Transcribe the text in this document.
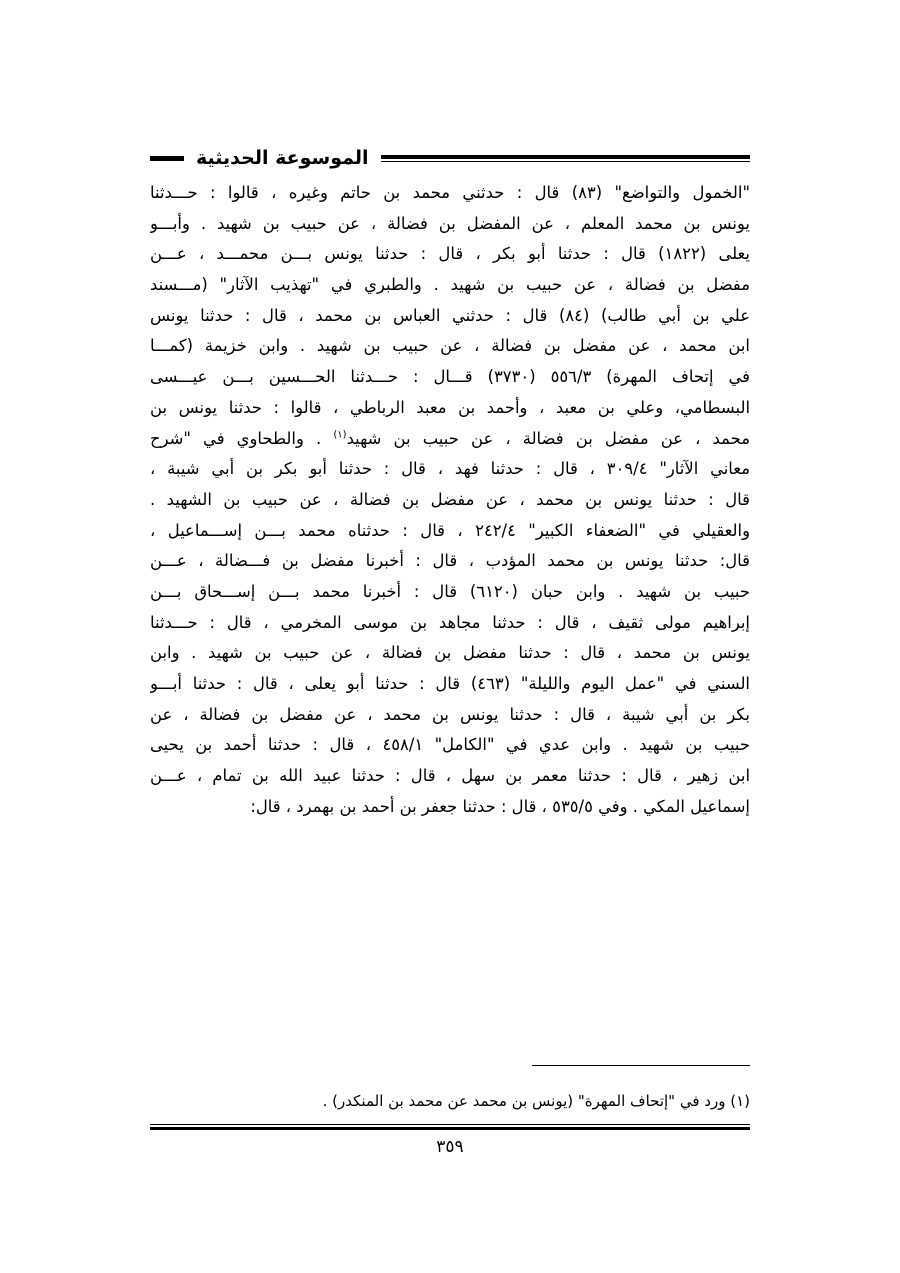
الموسوعة الحديثية
"الخمول والتواضع" (٨٣) قال : حدثني محمد بن حاتم وغيره ، قالوا : حـــدثنا
يونس بن محمد المعلم ، عن المفضل بن فضالة ، عن حبيب بن شهيد . وأبـــو
يعلى (١٨٢٢) قال : حدثنا أبو بكر ، قال : حدثنا يونس بـــن محمـــد ، عـــن
مفضل بن فضالة ، عن حبيب بن شهيد . والطبري في "تهذيب الآثار" (مـــسند
علي بن أبي طالب) (٨٤) قال : حدثني العباس بن محمد ، قال : حدثنا يونس
ابن محمد ، عن مفضل بن فضالة ، عن حبيب بن شهيد . وابن خزيمة (كمـــا
في إتحاف المهرة) ٥٥٦/٣ (٣٧٣٠) قـــال : حـــدثنا الحـــسين بـــن عيـــسى
البسطامي، وعلي بن معبد ، وأحمد بن معبد الرباطي ، قالوا : حدثنا يونس بن
محمد ، عن مفضل بن فضالة ، عن حبيب بن شهيد$^{(١)}$ . والطحاوي في "شرح
معاني الآثار" ٣٠٩/٤ ، قال : حدثنا فهد ، قال : حدثنا أبو بكر بن أبي شيبة ،
قال : حدثنا يونس بن محمد ، عن مفضل بن فضالة ، عن حبيب بن الشهيد .
والعقيلي في "الضعفاء الكبير" ٢٤٢/٤ ، قال : حدثناه محمد بـــن إســـماعيل ،
قال: حدثنا يونس بن محمد المؤدب ، قال : أخبرنا مفضل بن فـــضالة ، عـــن
حبيب بن شهيد . وابن حبان (٦١٢٠) قال : أخبرنا محمد بـــن إســـحاق بـــن
إبراهيم مولى ثقيف ، قال : حدثنا مجاهد بن موسى المخرمي ، قال : حـــدثنا
يونس بن محمد ، قال : حدثنا مفضل بن فضالة ، عن حبيب بن شهيد . وابن
السني في "عمل اليوم والليلة" (٤٦٣) قال : حدثنا أبو يعلى ، قال : حدثنا أبـــو
بكر بن أبي شيبة ، قال : حدثنا يونس بن محمد ، عن مفضل بن فضالة ، عن
حبيب بن شهيد . وابن عدي في "الكامل" ٤٥٨/١ ، قال : حدثنا أحمد بن يحيى
ابن زهير ، قال : حدثنا معمر بن سهل ، قال : حدثنا عبيد الله بن تمام ، عـــن
إسماعيل المكي . وفي ٥٣٥/٥ ، قال : حدثنا جعفر بن أحمد بن بهمرد ، قال:
(١) ورد في "إتحاف المهرة" (يونس بن محمد عن محمد بن المنكدر) .
٣٥٩
